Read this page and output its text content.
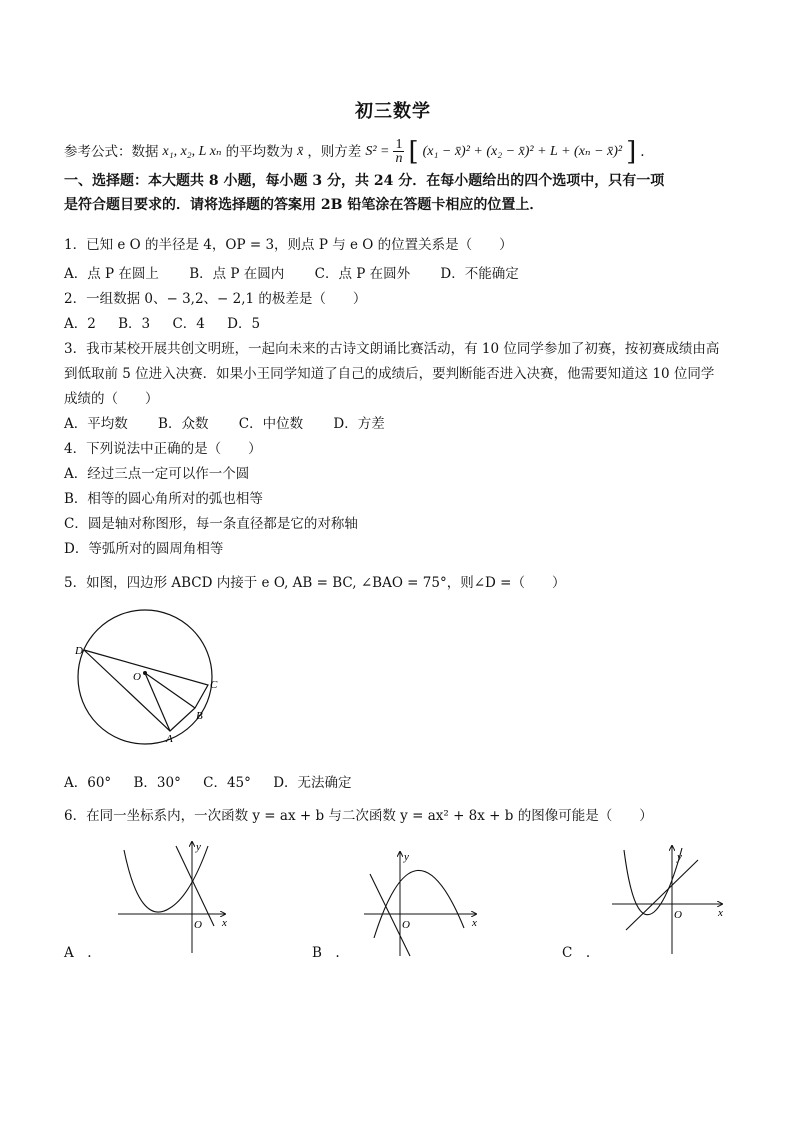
初三数学
参考公式：数据 x₁, x₂, L xₙ 的平均数为 x̄ ，则方差 $S^2 = \frac{1}{n}$ [ (x₁ − x̄)² + (x₂ − x̄)² + L + (xₙ − x̄)² ] .
一、选择题：本大题共 8 小题，每小题 3 分，共 24 分．在每小题给出的四个选项中，只有一项
是符合题目要求的．请将选择题的答案用 2B 铅笔涂在答题卡相应的位置上．
1．已知 e O 的半径是 4，OP = 3，则点 P 与 e O 的位置关系是（　　）
A．点 P 在圆上 B．点 P 在圆内 C．点 P 在圆外 D．不能确定
2．一组数据 0、− 3,2、− 2,1 的极差是（　　）
A．2 B．3 C．4 D．5
3．我市某校开展共创文明班，一起向未来的古诗文朗诵比赛活动，有 10 位同学参加了初赛，按初赛成绩由高
到低取前 5 位进入决赛．如果小王同学知道了自己的成绩后，要判断能否进入决赛，他需要知道这 10 位同学
成绩的（　　）
A．平均数 B．众数 C．中位数 D．方差
4．下列说法中正确的是（　　）
A．经过三点一定可以作一个圆
B．相等的圆心角所对的弧也相等
C．圆是轴对称图形，每一条直径都是它的对称轴
D．等弧所对的圆周角相等
5．如图，四边形 ABCD 内接于 e O, AB = BC, ∠BAO = 75°，则∠D =（　　）
D
O
C
B
A
A．60° B．30° C．45° D．无法确定
6．在同一坐标系内，一次函数 y = ax + b 与二次函数 y = ax² + 8x + b 的图像可能是（　　）
y
x
O
A　.
y
x
O
B　.
y
x
O
C　.
